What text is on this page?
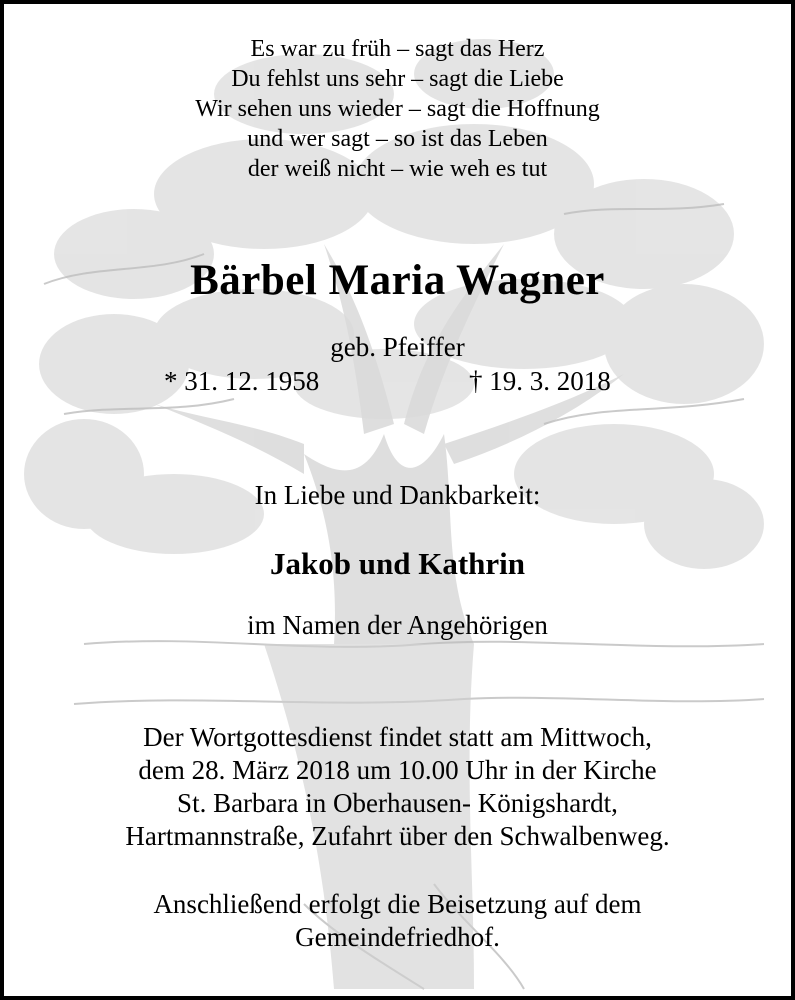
Es war zu früh – sagt das Herz
Du fehlst uns sehr – sagt die Liebe
Wir sehen uns wieder – sagt die Hoffnung
und wer sagt – so ist das Leben
der weiß nicht – wie weh es tut
Bärbel Maria Wagner
geb. Pfeiffer
* 31. 12. 1958	† 19. 3. 2018
In Liebe und Dankbarkeit:
Jakob und Kathrin
im Namen der Angehörigen
Der Wortgottesdienst findet statt am Mittwoch,
dem 28. März 2018 um 10.00 Uhr in der Kirche
St. Barbara in Oberhausen- Königshardt,
Hartmannstraße, Zufahrt über den Schwalbenweg.
Anschließend erfolgt die Beisetzung auf dem
Gemeindefriedhof.
